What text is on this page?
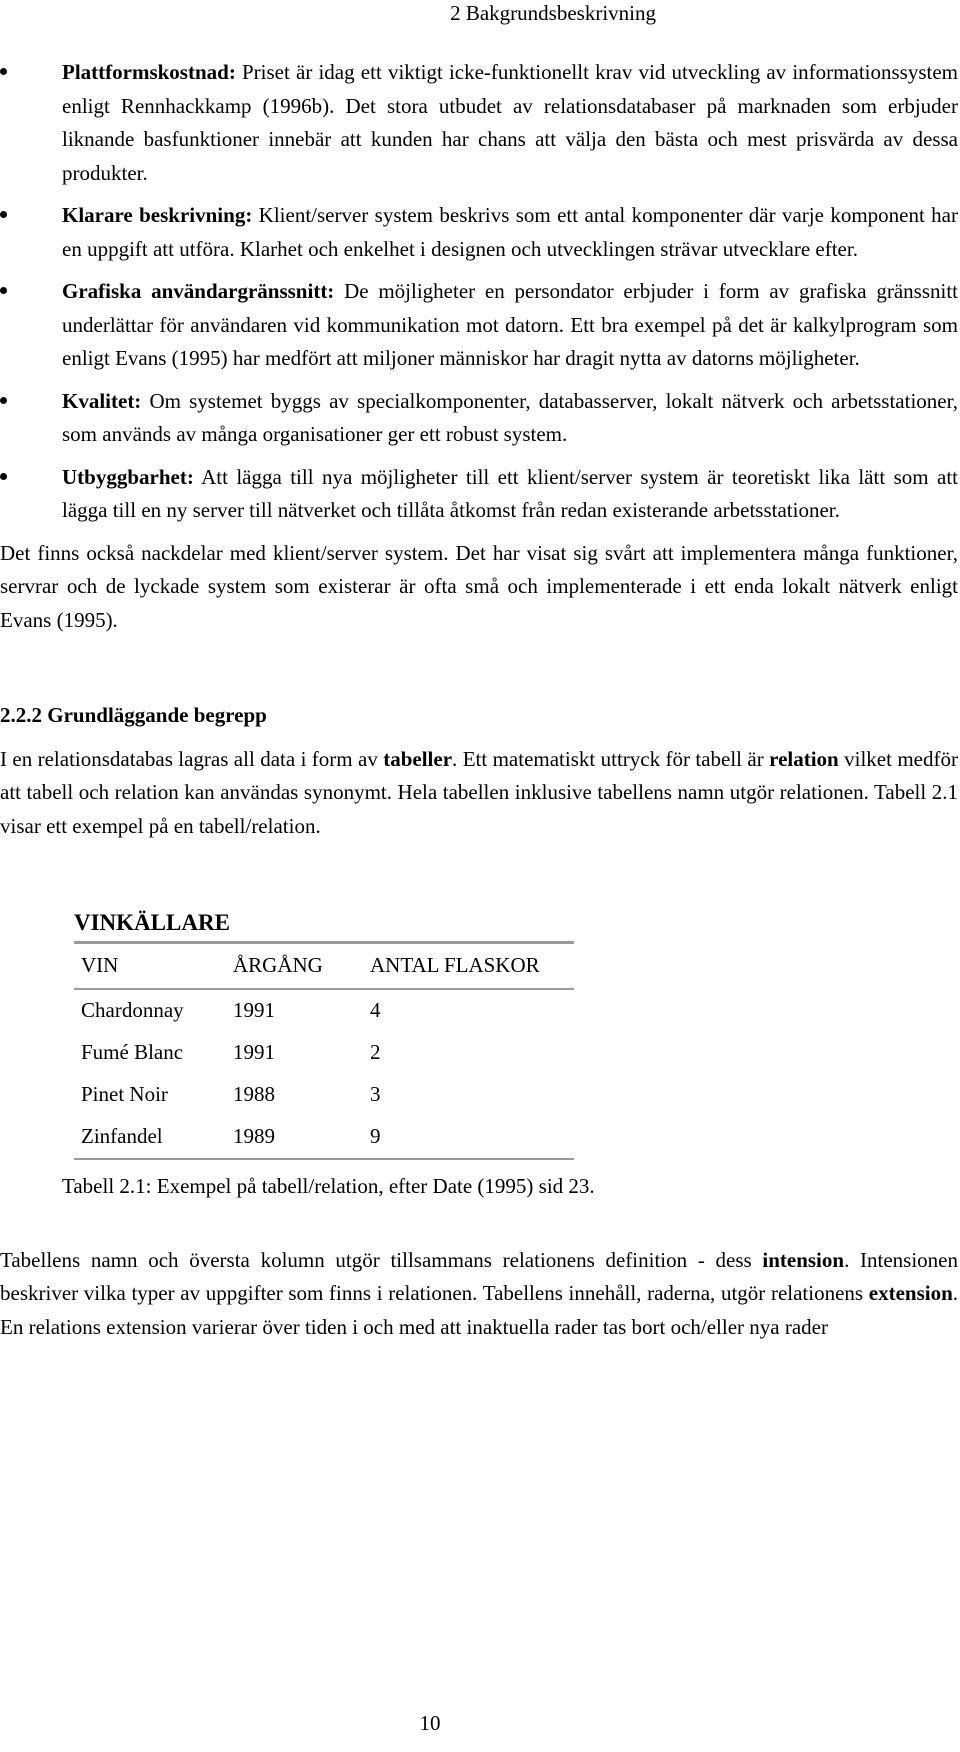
2 Bakgrundsbeskrivning
Plattformskostnad: Priset är idag ett viktigt icke-funktionellt krav vid utveckling av informationssystem enligt Rennhackkamp (1996b). Det stora utbudet av relationsdatabaser på marknaden som erbjuder liknande basfunktioner innebär att kunden har chans att välja den bästa och mest prisvärda av dessa produkter.
Klarare beskrivning: Klient/server system beskrivs som ett antal komponenter där varje komponent har en uppgift att utföra. Klarhet och enkelhet i designen och utvecklingen strävar utvecklare efter.
Grafiska användargränssnitt: De möjligheter en persondator erbjuder i form av grafiska gränssnitt underlättar för användaren vid kommunikation mot datorn. Ett bra exempel på det är kalkylprogram som enligt Evans (1995) har medfört att miljoner människor har dragit nytta av datorns möjligheter.
Kvalitet: Om systemet byggs av specialkomponenter, databasserver, lokalt nätverk och arbetsstationer, som används av många organisationer ger ett robust system.
Utbyggbarhet: Att lägga till nya möjligheter till ett klient/server system är teoretiskt lika lätt som att lägga till en ny server till nätverket och tillåta åtkomst från redan existerande arbetsstationer.

Det finns också nackdelar med klient/server system. Det har visat sig svårt att implementera många funktioner, servrar och de lyckade system som existerar är ofta små och implementerade i ett enda lokalt nätverk enligt Evans (1995).

2.2.2 Grundläggande begrepp

I en relationsdatabas lagras all data i form av tabeller. Ett matematiskt uttryck för tabell är relation vilket medför att tabell och relation kan användas synonymt. Hela tabellen inklusive tabellens namn utgör relationen. Tabell 2.1 visar ett exempel på en tabell/relation.

VINKÄLLARE
VIN	ÅRGÅNG	ANTAL FLASKOR
Chardonnay	1991	4
Fumé Blanc	1991	2
Pinet Noir	1988	3
Zinfandel	1989	9

Tabell 2.1: Exempel på tabell/relation, efter Date (1995) sid 23.

Tabellens namn och översta kolumn utgör tillsammans relationens definition - dess intension. Intensionen beskriver vilka typer av uppgifter som finns i relationen. Tabellens innehåll, raderna, utgör relationens extension. En relations extension varierar över tiden i och med att inaktuella rader tas bort och/eller nya rader

10
